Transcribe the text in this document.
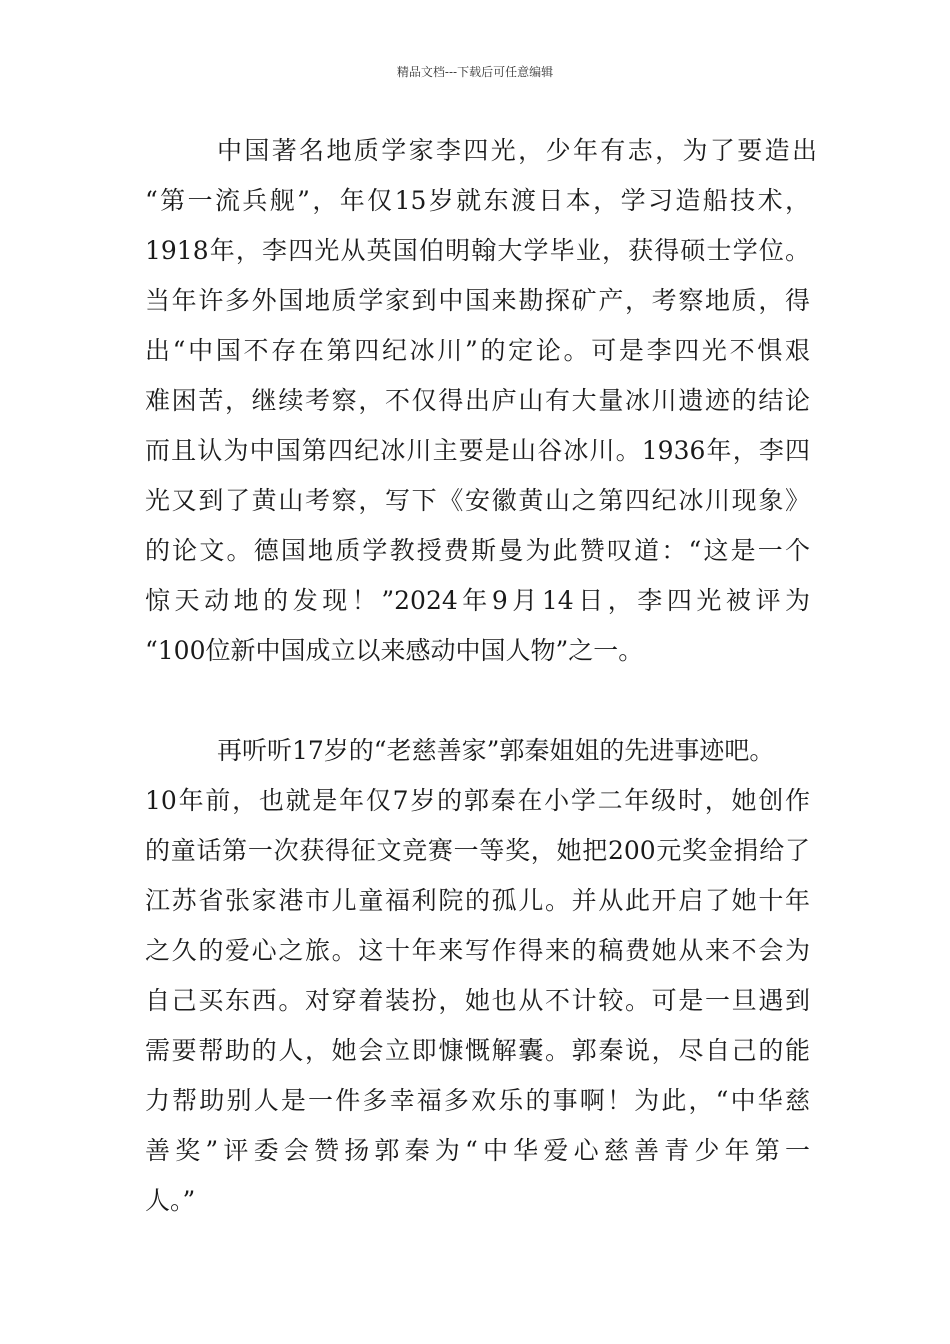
精品文档---下载后可任意编辑
中国著名地质学家李四光，少年有志，为了要造出
“第一流兵舰”，年仅15岁就东渡日本，学习造船技术，
1918年，李四光从英国伯明翰大学毕业，获得硕士学位。
当年许多外国地质学家到中国来勘探矿产，考察地质，得
出“中国不存在第四纪冰川”的定论。可是李四光不惧艰
难困苦，继续考察，不仅得出庐山有大量冰川遗迹的结论
而且认为中国第四纪冰川主要是山谷冰川。1936年，李四
光又到了黄山考察，写下《安徽黄山之第四纪冰川现象》
的论文。德国地质学教授费斯曼为此赞叹道：“这是一个
惊天动地的发现！”2024年9月14日，李四光被评为
“100位新中国成立以来感动中国人物”之一。
再听听17岁的“老慈善家”郭秦姐姐的先进事迹吧。
10年前，也就是年仅7岁的郭秦在小学二年级时，她创作
的童话第一次获得征文竞赛一等奖，她把200元奖金捐给了
江苏省张家港市儿童福利院的孤儿。并从此开启了她十年
之久的爱心之旅。这十年来写作得来的稿费她从来不会为
自己买东西。对穿着装扮，她也从不计较。可是一旦遇到
需要帮助的人，她会立即慷慨解囊。郭秦说，尽自己的能
力帮助别人是一件多幸福多欢乐的事啊！为此，“中华慈
善奖”评委会赞扬郭秦为“中华爱心慈善青少年第一
人。”
